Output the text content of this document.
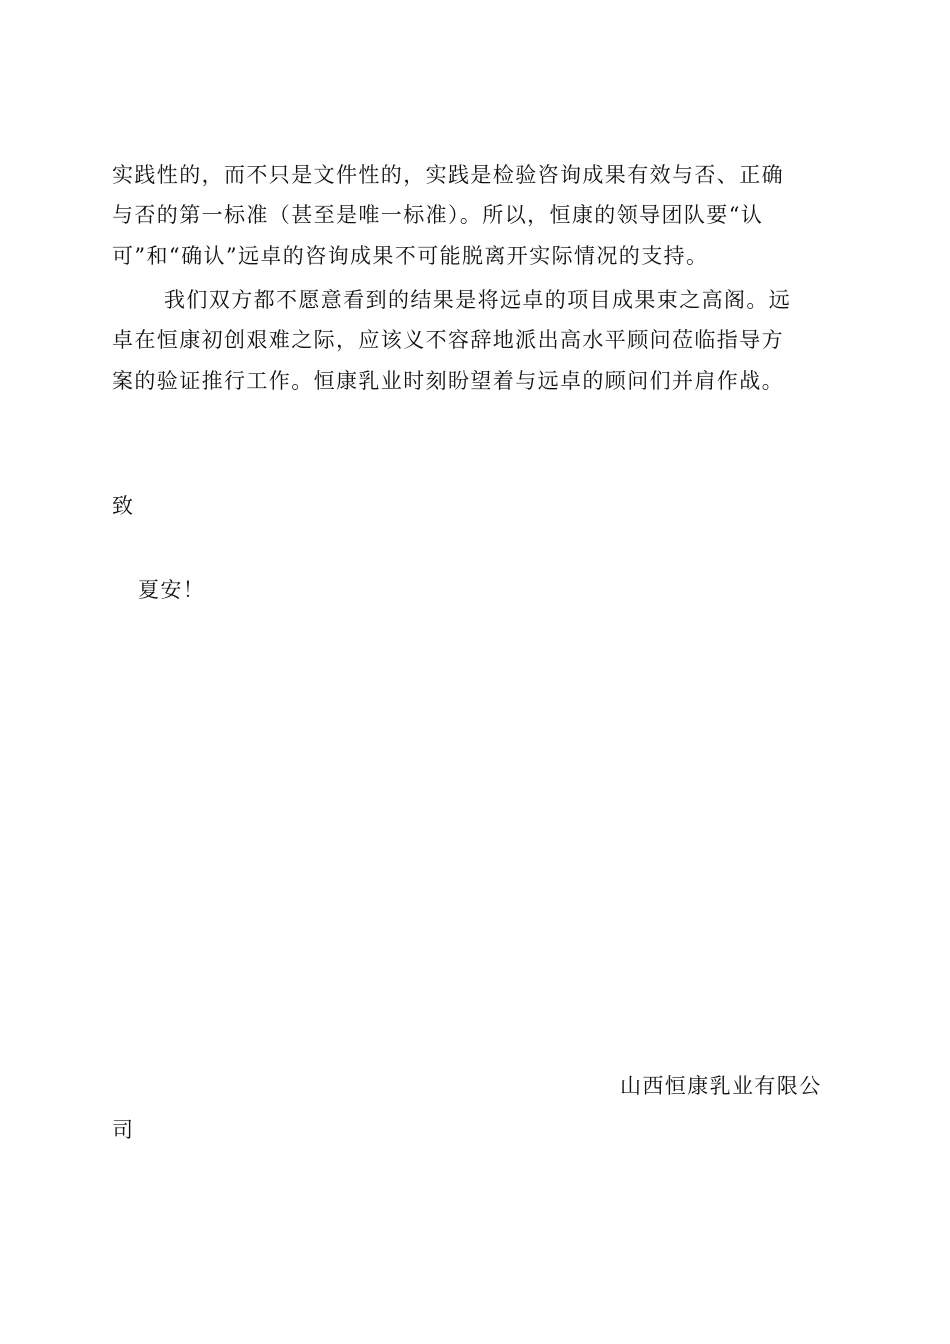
实践性的，而不只是文件性的，实践是检验咨询成果有效与否、正确
与否的第一标准（甚至是唯一标准）。所以，恒康的领导团队要“认
可”和“确认”远卓的咨询成果不可能脱离开实际情况的支持。
我们双方都不愿意看到的结果是将远卓的项目成果束之高阁。远
卓在恒康初创艰难之际，应该义不容辞地派出高水平顾问莅临指导方
案的验证推行工作。恒康乳业时刻盼望着与远卓的顾问们并肩作战。
致
夏安！
山西恒康乳业有限公
司
